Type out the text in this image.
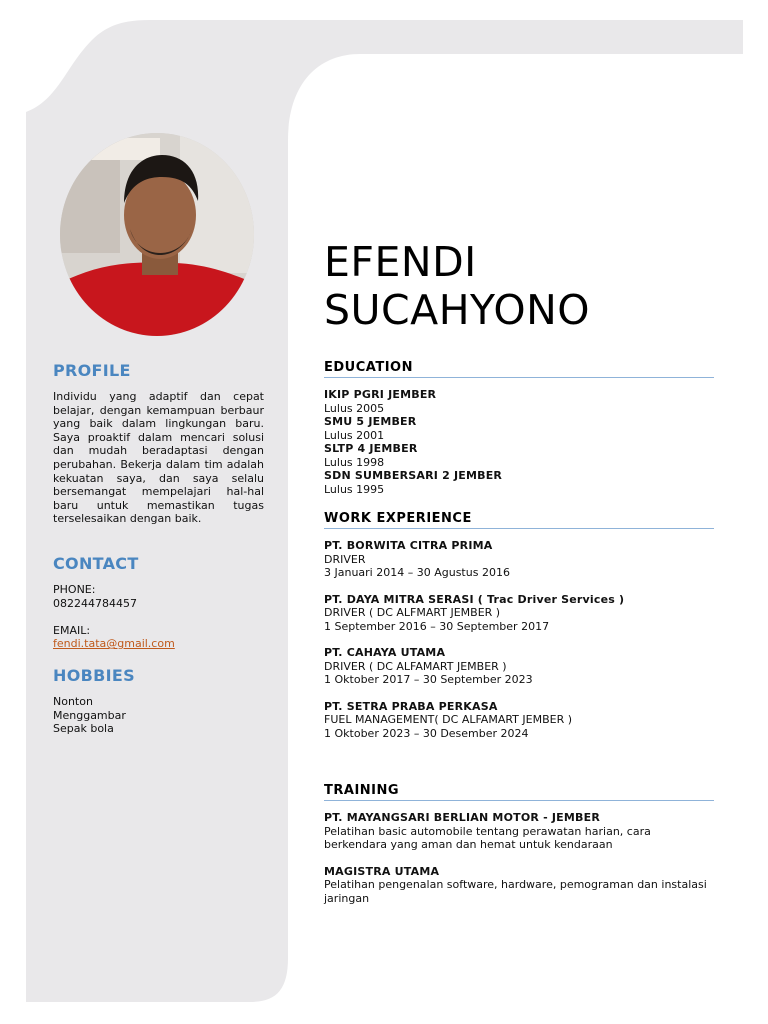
PROFILE
Individu yang adaptif dan cepat belajar, dengan kemampuan berbaur yang baik dalam lingkungan baru. Saya proaktif dalam mencari solusi dan mudah beradaptasi dengan perubahan. Bekerja dalam tim adalah kekuatan saya, dan saya selalu bersemangat mempelajari hal-hal baru untuk memastikan tugas terselesaikan dengan baik.
CONTACT
PHONE:
082244784457
EMAIL:
fendi.tata@gmail.com
HOBBIES
Nonton
Menggambar
Sepak bola
EFENDI
SUCAHYONO
EDUCATION
IKIP PGRI JEMBER
Lulus 2005
SMU 5 JEMBER
Lulus 2001
SLTP 4 JEMBER
Lulus 1998
SDN SUMBERSARI 2 JEMBER
Lulus 1995
WORK EXPERIENCE
PT. BORWITA CITRA PRIMA
DRIVER
3 Januari 2014 – 30 Agustus 2016
PT. DAYA MITRA SERASI ( Trac Driver Services )
DRIVER ( DC ALFMART JEMBER )
1 September 2016 – 30 September 2017
PT. CAHAYA UTAMA
DRIVER ( DC ALFAMART JEMBER )
1 Oktober 2017 – 30 September 2023
PT. SETRA PRABA PERKASA
FUEL MANAGEMENT( DC ALFAMART JEMBER )
1 Oktober 2023 – 30 Desember 2024
TRAINING
PT. MAYANGSARI BERLIAN MOTOR - JEMBER
Pelatihan basic automobile tentang perawatan harian, cara berkendara yang aman dan hemat untuk kendaraan
MAGISTRA UTAMA
Pelatihan pengenalan software, hardware, pemograman dan instalasi jaringan
